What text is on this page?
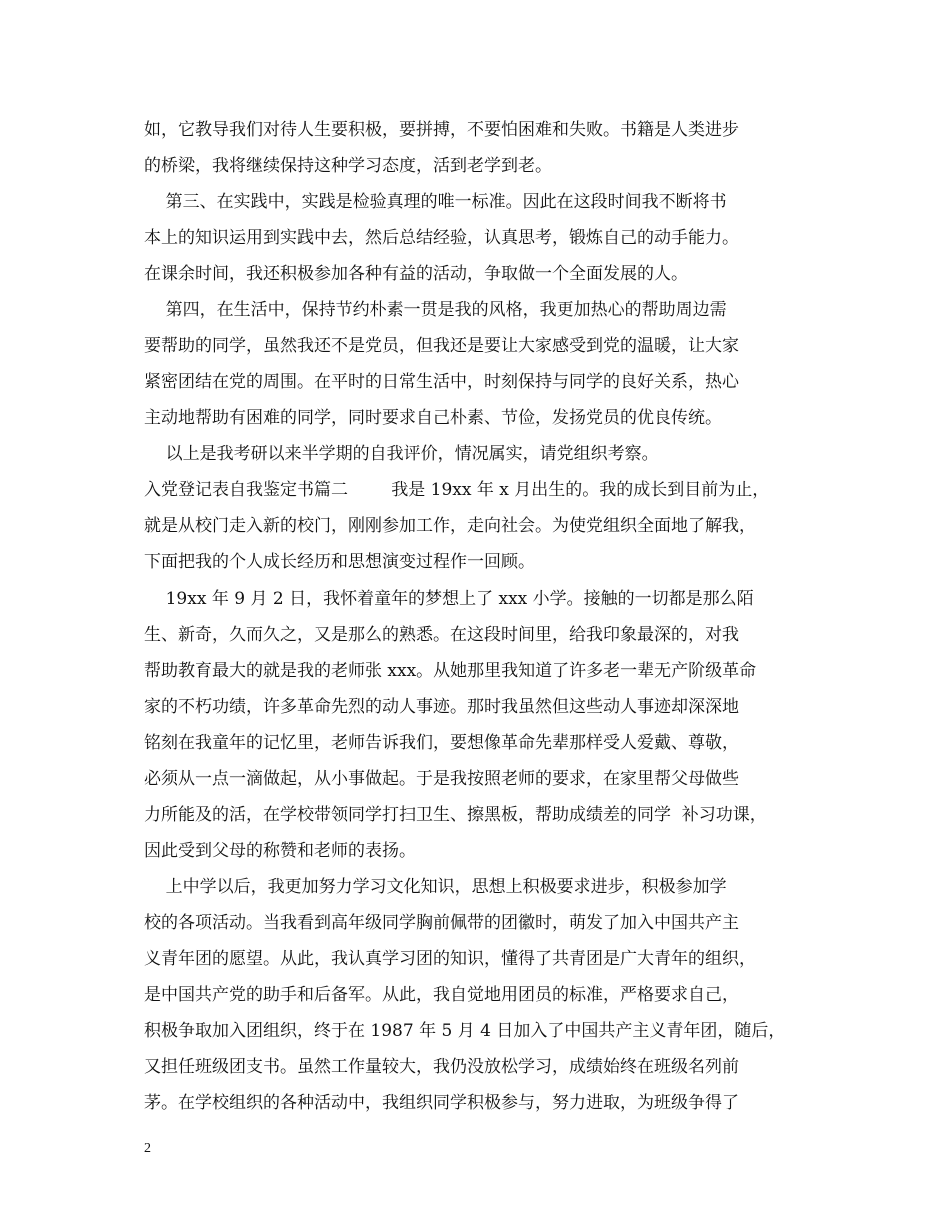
如，它教导我们对待人生要积极，要拼搏，不要怕困难和失败。书籍是人类进步
的桥梁，我将继续保持这种学习态度，活到老学到老。
第三、在实践中，实践是检验真理的唯一标准。因此在这段时间我不断将书
本上的知识运用到实践中去，然后总结经验，认真思考，锻炼自己的动手能力。
在课余时间，我还积极参加各种有益的活动，争取做一个全面发展的人。
第四，在生活中，保持节约朴素一贯是我的风格，我更加热心的帮助周边需
要帮助的同学，虽然我还不是党员，但我还是要让大家感受到党的温暖，让大家
紧密团结在党的周围。在平时的日常生活中，时刻保持与同学的良好关系，热心
主动地帮助有困难的同学，同时要求自己朴素、节俭，发扬党员的优良传统。
以上是我考研以来半学期的自我评价，情况属实，请党组织考察。
入党登记表自我鉴定书篇二        我是 19xx 年 x 月出生的。我的成长到目前为止，
就是从校门走入新的校门，刚刚参加工作，走向社会。为使党组织全面地了解我，
下面把我的个人成长经历和思想演变过程作一回顾。
19xx 年 9 月 2 日，我怀着童年的梦想上了 xxx 小学。接触的一切都是那么陌
生、新奇，久而久之，又是那么的熟悉。在这段时间里，给我印象最深的，对我
帮助教育最大的就是我的老师张 xxx。从她那里我知道了许多老一辈无产阶级革命
家的不朽功绩，许多革命先烈的动人事迹。那时我虽然但这些动人事迹却深深地
铭刻在我童年的记忆里，老师告诉我们，要想像革命先辈那样受人爱戴、尊敬，
必须从一点一滴做起，从小事做起。于是我按照老师的要求，在家里帮父母做些
力所能及的活，在学校带领同学打扫卫生、擦黑板，帮助成绩差的同学  补习功课，
因此受到父母的称赞和老师的表扬。
上中学以后，我更加努力学习文化知识，思想上积极要求进步，积极参加学
校的各项活动。当我看到高年级同学胸前佩带的团徽时，萌发了加入中国共产主
义青年团的愿望。从此，我认真学习团的知识，懂得了共青团是广大青年的组织，
是中国共产党的助手和后备军。从此，我自觉地用团员的标准，严格要求自己，
积极争取加入团组织，终于在 1987 年 5 月 4 日加入了中国共产主义青年团，随后，
又担任班级团支书。虽然工作量较大，我仍没放松学习，成绩始终在班级名列前
茅。在学校组织的各种活动中，我组织同学积极参与，努力进取，为班级争得了
2
